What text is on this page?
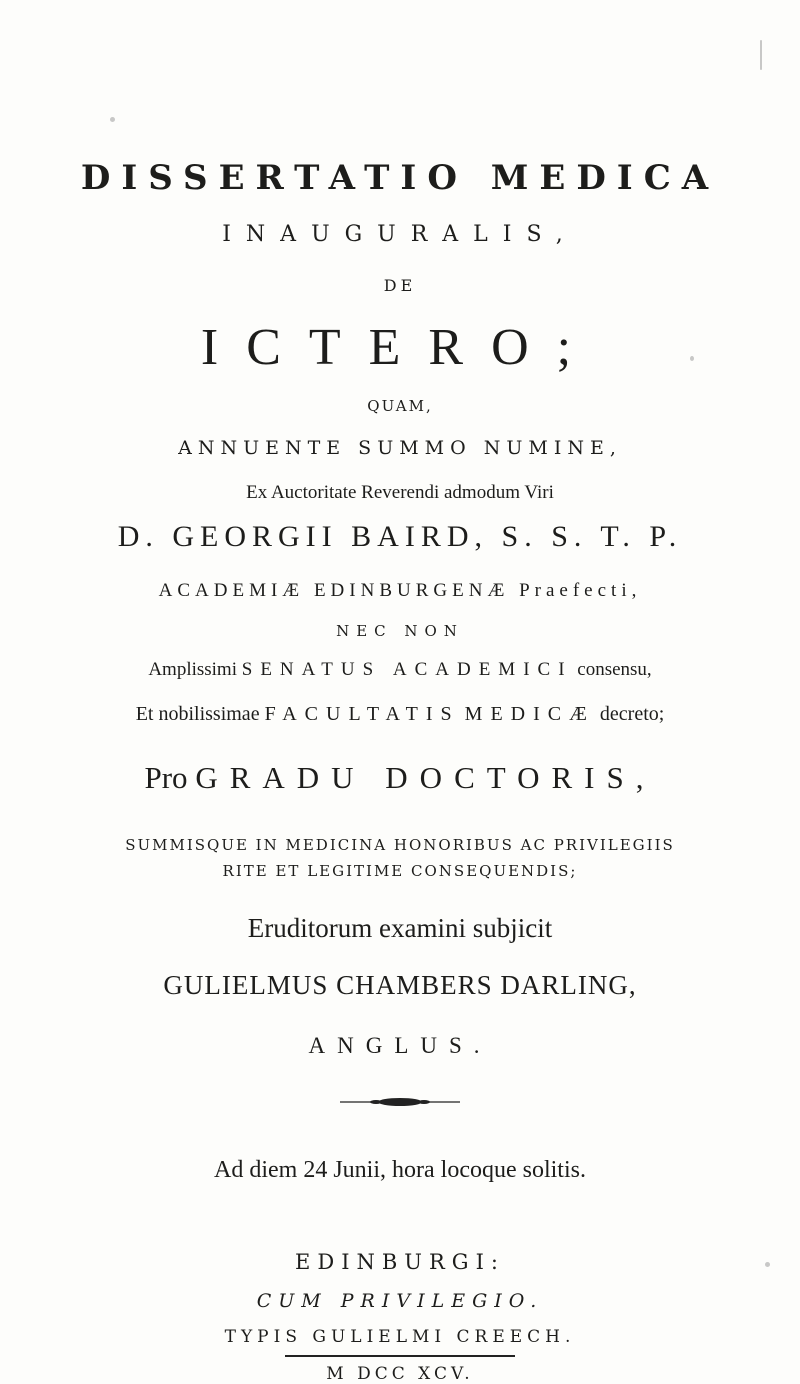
DISSERTATIO MEDICA
INAUGURALIS,
DE
ICTERO;
QUAM,
ANNUENTE SUMMO NUMINE,
Ex Auctoritate Reverendi admodum Viri
D. GEORGII BAIRD, S. S. T. P.
ACADEMIÆ EDINBURGENÆ Praefecti,
NEC NON
Amplissimi SENATUS ACADEMICI consensu,
Et nobilissimae FACULTATIS MEDICÆ decreto;
Pro GRADU DOCTORIS,
SUMMISQUE IN MEDICINA HONORIBUS AC PRIVILEGIIS
RITE ET LEGITIME CONSEQUENDIS;
Eruditorum examini subjicit
GULIELMUS CHAMBERS DARLING,
ANGLUS.
Ad diem 24 Junii, hora locoque solitis.
EDINBURGI:
CUM PRIVILEGIO.
TYPIS GULIELMI CREECH.
M DCC XCV.
